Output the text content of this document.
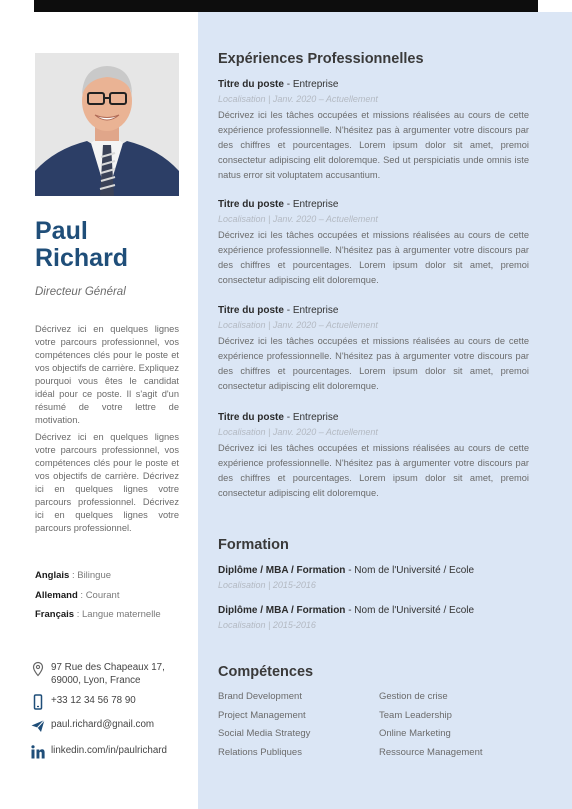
Paul
Richard
Directeur Général

Décrivez ici en quelques lignes votre parcours professionnel, vos compétences clés pour le poste et vos objectifs de carrière. Expliquez pourquoi vous êtes le candidat idéal pour ce poste. Il s'agit d'un résumé de votre lettre de motivation.

Décrivez ici en quelques lignes votre parcours professionnel, vos compétences clés pour le poste et vos objectifs de carrière. Décrivez ici en quelques lignes votre parcours professionnel. Décrivez ici en quelques lignes votre parcours professionnel.

Anglais : Bilingue
Allemand : Courant
Français : Langue maternelle
97 Rue des Chapeaux 17,
69000, Lyon, France
+33 12 34 56 78 90
paul.richard@gnail.com
linkedin.com/in/paulrichard
Expériences Professionnelles
Titre du poste - Entreprise
Localisation | Janv. 2020 – Actuellement
Décrivez ici les tâches occupées et missions réalisées au cours de cette expérience professionnelle. N'hésitez pas à argumenter votre discours par des chiffres et pourcentages. Lorem ipsum dolor sit amet, premoi consectetur adipiscing elit doloremque. Sed ut perspiciatis unde omnis iste natus error sit voluptatem accusantium.
Titre du poste - Entreprise
Localisation | Janv. 2020 – Actuellement
Décrivez ici les tâches occupées et missions réalisées au cours de cette expérience professionnelle. N'hésitez pas à argumenter votre discours par des chiffres et pourcentages. Lorem ipsum dolor sit amet, premoi consectetur adipiscing elit doloremque.
Titre du poste - Entreprise
Localisation | Janv. 2020 – Actuellement
Décrivez ici les tâches occupées et missions réalisées au cours de cette expérience professionnelle. N'hésitez pas à argumenter votre discours par des chiffres et pourcentages. Lorem ipsum dolor sit amet, premoi consectetur adipiscing elit doloremque.
Titre du poste - Entreprise
Localisation | Janv. 2020 – Actuellement
Décrivez ici les tâches occupées et missions réalisées au cours de cette expérience professionnelle. N'hésitez pas à argumenter votre discours par des chiffres et pourcentages. Lorem ipsum dolor sit amet, premoi consectetur adipiscing elit doloremque.
Formation
Diplôme / MBA / Formation - Nom de l'Université / Ecole
Localisation | 2015-2016
Diplôme / MBA / Formation - Nom de l'Université / Ecole
Localisation | 2015-2016
Compétences
Brand Development
Project Management
Social Media Strategy
Relations Publiques
Gestion de crise
Team Leadership
Online Marketing
Ressource Management
